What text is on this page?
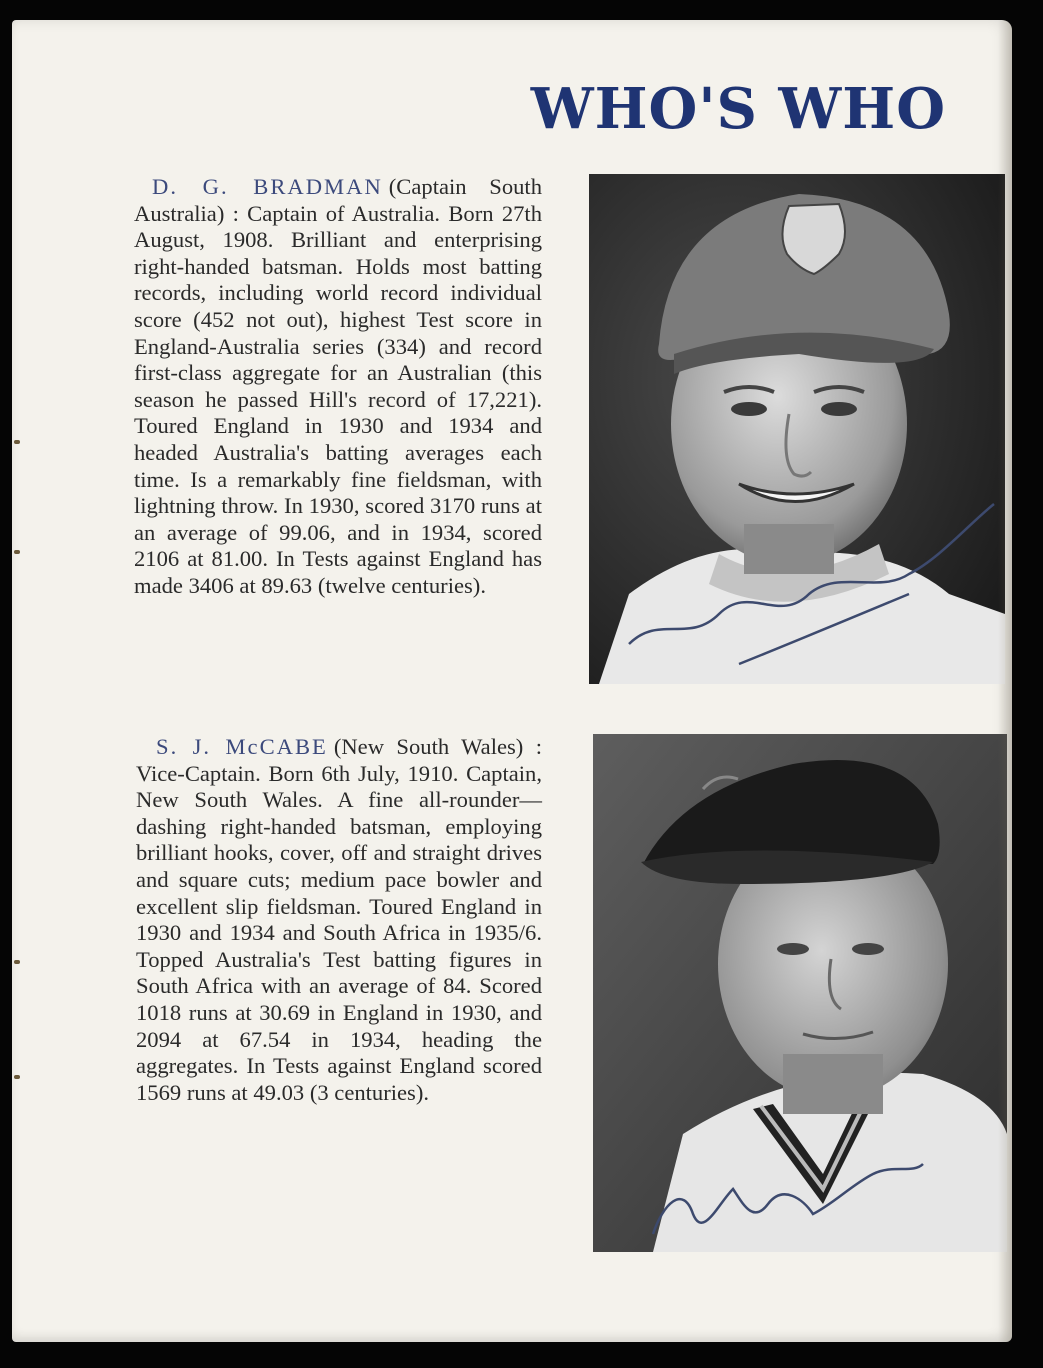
WHO'S WHO

D. G. BRADMAN (Captain South Australia) : Captain of Australia. Born 27th August, 1908. Brilliant and enterprising right-handed batsman. Holds most batting records, including world record individual score (452 not out), highest Test score in England-Australia series (334) and record first-class aggregate for an Australian (this season he passed Hill's record of 17,221). Toured England in 1930 and 1934 and headed Australia's batting averages each time. Is a remarkably fine fieldsman, with lightning throw. In 1930, scored 3170 runs at an average of 99.06, and in 1934, scored 2106 at 81.00. In Tests against England has made 3406 at 89.63 (twelve centuries).

S. J. McCABE (New South Wales) : Vice-Captain. Born 6th July, 1910. Captain, New South Wales. A fine all-rounder—dashing right-handed batsman, employing brilliant hooks, cover, off and straight drives and square cuts; medium pace bowler and excellent slip fieldsman. Toured England in 1930 and 1934 and South Africa in 1935/6. Topped Australia's Test batting figures in South Africa with an average of 84. Scored 1018 runs at 30.69 in England in 1930, and 2094 at 67.54 in 1934, heading the aggregates. In Tests against England scored 1569 runs at 49.03 (3 centuries).
